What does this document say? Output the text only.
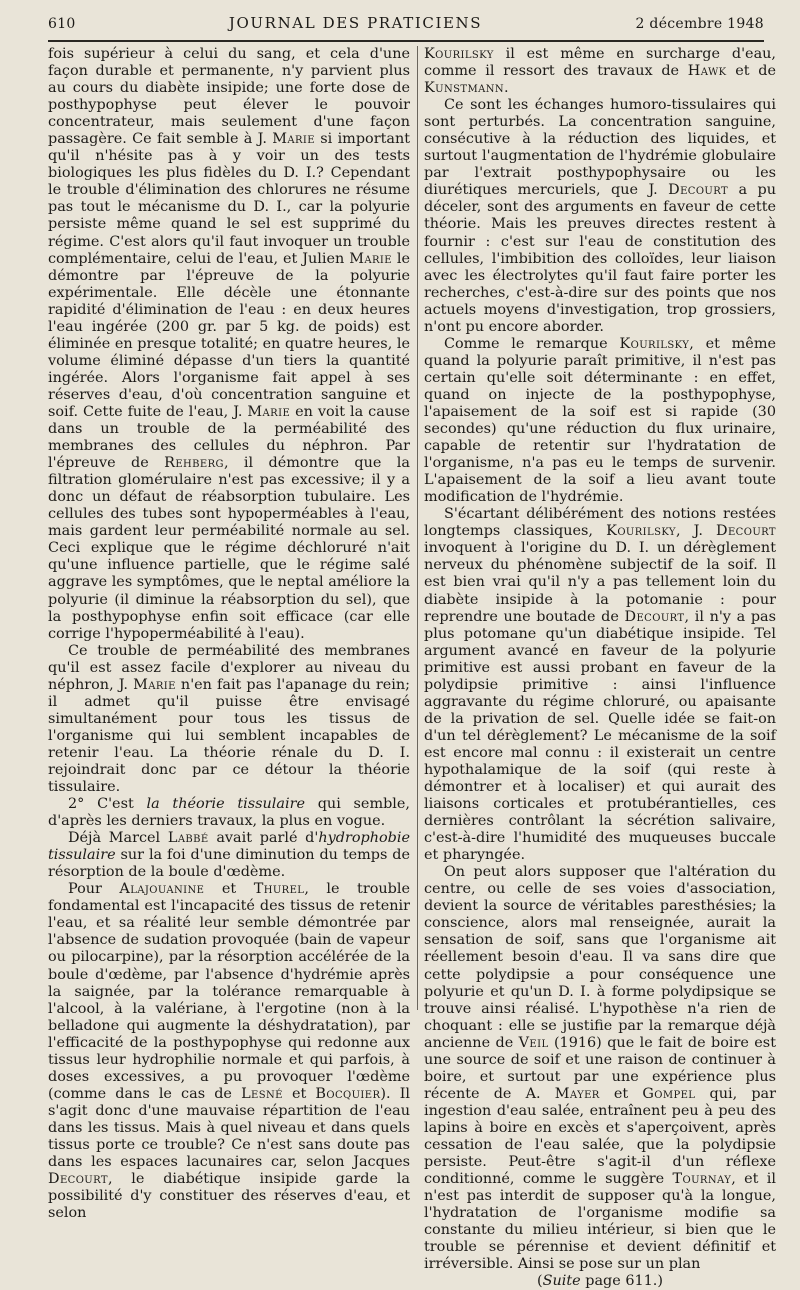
610	JOURNAL DES PRATICIENS	2 décembre 1948

fois supérieur à celui du sang, et cela d'une façon durable et permanente, n'y parvient plus au cours du diabète insipide; une forte dose de posthypophyse peut élever le pouvoir concentrateur, mais seulement d'une façon passagère. Ce fait semble à J. Marie si important qu'il n'hésite pas à y voir un des tests biologiques les plus fidèles du D. I.? Cependant le trouble d'élimination des chlorures ne résume pas tout le mécanisme du D. I., car la polyurie persiste même quand le sel est supprimé du régime. C'est alors qu'il faut invoquer un trouble complémentaire, celui de l'eau, et Julien Marie le démontre par l'épreuve de la polyurie expérimentale. Elle décèle une étonnante rapidité d'élimination de l'eau : en deux heures l'eau ingérée (200 gr. par 5 kg. de poids) est éliminée en presque totalité; en quatre heures, le volume éliminé dépasse d'un tiers la quantité ingérée. Alors l'organisme fait appel à ses réserves d'eau, d'où concentration sanguine et soif. Cette fuite de l'eau, J. Marie en voit la cause dans un trouble de la perméabilité des membranes des cellules du néphron. Par l'épreuve de Rehberg, il démontre que la filtration glomérulaire n'est pas excessive; il y a donc un défaut de réabsorption tubulaire. Les cellules des tubes sont hypoperméables à l'eau, mais gardent leur perméabilité normale au sel. Ceci explique que le régime déchloruré n'ait qu'une influence partielle, que le régime salé aggrave les symptômes, que le neptal améliore la polyurie (il diminue la réabsorption du sel), que la posthypophyse enfin soit efficace (car elle corrige l'hypoperméabilité à l'eau).

Ce trouble de perméabilité des membranes qu'il est assez facile d'explorer au niveau du néphron, J. Marie n'en fait pas l'apanage du rein; il admet qu'il puisse être envisagé simultanément pour tous les tissus de l'organisme qui lui semblent incapables de retenir l'eau. La théorie rénale du D. I. rejoindrait donc par ce détour la théorie tissulaire.

2° C'est la théorie tissulaire qui semble, d'après les derniers travaux, la plus en vogue.

Déjà Marcel Labbé avait parlé d'hydrophobie tissulaire sur la foi d'une diminution du temps de résorption de la boule d'œdème.

Pour Alajouanine et Thurel, le trouble fondamental est l'incapacité des tissus de retenir l'eau, et sa réalité leur semble démontrée par l'absence de sudation provoquée (bain de vapeur ou pilocarpine), par la résorption accélérée de la boule d'œdème, par l'absence d'hydrémie après la saignée, par la tolérance remarquable à l'alcool, à la valériane, à l'ergotine (non à la belladone qui augmente la déshydratation), par l'efficacité de la posthypophyse qui redonne aux tissus leur hydrophilie normale et qui parfois, à doses excessives, a pu provoquer l'œdème (comme dans le cas de Lesné et Bocquier). Il s'agit donc d'une mauvaise répartition de l'eau dans les tissus. Mais à quel niveau et dans quels tissus porte ce trouble? Ce n'est sans doute pas dans les espaces lacunaires car, selon Jacques Decourt, le diabétique insipide garde la possibilité d'y constituer des réserves d'eau, et selon

Kourilsky il est même en surcharge d'eau, comme il ressort des travaux de Hawk et de Kunstmann.

Ce sont les échanges humoro-tissulaires qui sont perturbés. La concentration sanguine, consécutive à la réduction des liquides, et surtout l'augmentation de l'hydrémie globulaire par l'extrait posthypophysaire ou les diurétiques mercuriels, que J. Decourt a pu déceler, sont des arguments en faveur de cette théorie. Mais les preuves directes restent à fournir : c'est sur l'eau de constitution des cellules, l'imbibition des colloïdes, leur liaison avec les électrolytes qu'il faut faire porter les recherches, c'est-à-dire sur des points que nos actuels moyens d'investigation, trop grossiers, n'ont pu encore aborder.

Comme le remarque Kourilsky, et même quand la polyurie paraît primitive, il n'est pas certain qu'elle soit déterminante : en effet, quand on injecte de la posthypophyse, l'apaisement de la soif est si rapide (30 secondes) qu'une réduction du flux urinaire, capable de retentir sur l'hydratation de l'organisme, n'a pas eu le temps de survenir. L'apaisement de la soif a lieu avant toute modification de l'hydrémie.

S'écartant délibérément des notions restées longtemps classiques, Kourilsky, J. Decourt invoquent à l'origine du D. I. un dérèglement nerveux du phénomène subjectif de la soif. Il est bien vrai qu'il n'y a pas tellement loin du diabète insipide à la potomanie : pour reprendre une boutade de Decourt, il n'y a pas plus potomane qu'un diabétique insipide. Tel argument avancé en faveur de la polyurie primitive est aussi probant en faveur de la polydipsie primitive : ainsi l'influence aggravante du régime chloruré, ou apaisante de la privation de sel. Quelle idée se fait-on d'un tel dérèglement? Le mécanisme de la soif est encore mal connu : il existerait un centre hypothalamique de la soif (qui reste à démontrer et à localiser) et qui aurait des liaisons corticales et protubérantielles, ces dernières contrôlant la sécrétion salivaire, c'est-à-dire l'humidité des muqueuses buccale et pharyngée.

On peut alors supposer que l'altération du centre, ou celle de ses voies d'association, devient la source de véritables paresthésies; la conscience, alors mal renseignée, aurait la sensation de soif, sans que l'organisme ait réellement besoin d'eau. Il va sans dire que cette polydipsie a pour conséquence une polyurie et qu'un D. I. à forme polydipsique se trouve ainsi réalisé. L'hypothèse n'a rien de choquant : elle se justifie par la remarque déjà ancienne de Veil (1916) que le fait de boire est une source de soif et une raison de continuer à boire, et surtout par une expérience plus récente de A. Mayer et Gompel qui, par ingestion d'eau salée, entraînent peu à peu des lapins à boire en excès et s'aperçoivent, après cessation de l'eau salée, que la polydipsie persiste. Peut-être s'agit-il d'un réflexe conditionné, comme le suggère Tournay, et il n'est pas interdit de supposer qu'à la longue, l'hydratation de l'organisme modifie sa constante du milieu intérieur, si bien que le trouble se pérennise et devient définitif et irréversible. Ainsi se pose sur un plan

(Suite page 611.)
